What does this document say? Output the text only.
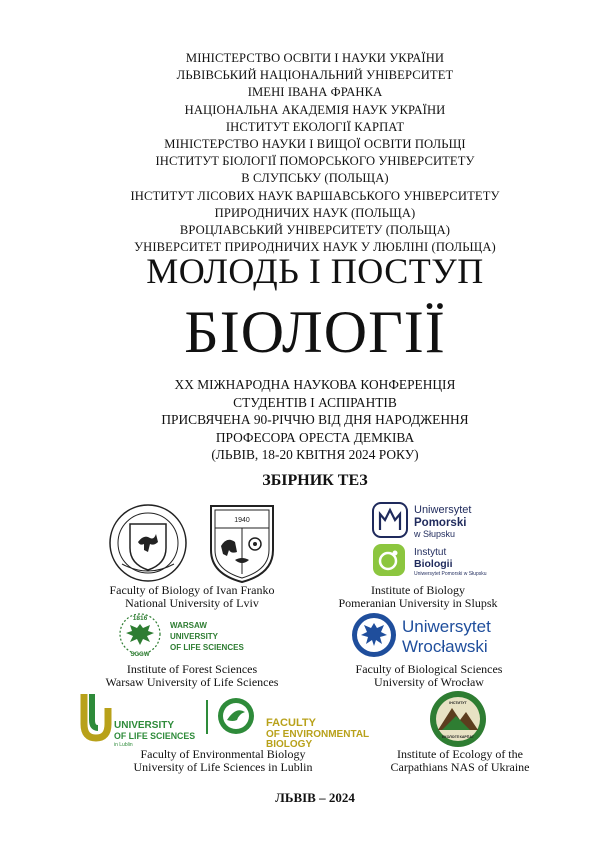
МІНІСТЕРСТВО ОСВІТИ І НАУКИ УКРАЇНИ
ЛЬВІВСЬКИЙ НАЦІОНАЛЬНИЙ УНІВЕРСИТЕТ
ІМЕНІ ІВАНА ФРАНКА
НАЦІОНАЛЬНА АКАДЕМІЯ НАУК УКРАЇНИ
ІНСТИТУТ ЕКОЛОГІЇ КАРПАТ
МІНІСТЕРСТВО НАУКИ І ВИЩОЇ ОСВІТИ ПОЛЬЩІ
ІНСТИТУТ БІОЛОГІЇ ПОМОРСЬКОГО УНІВЕРСИТЕТУ
В СЛУПСЬКУ (ПОЛЬЩА)
ІНСТИТУТ ЛІСОВИХ НАУК ВАРШАВСЬКОГО УНІВЕРСИТЕТУ
ПРИРОДНИЧИХ НАУК (ПОЛЬЩА)
ВРОЦЛАВСЬКИЙ УНІВЕРСИТЕТУ (ПОЛЬЩА)
УНІВЕРСИТЕТ ПРИРОДНИЧИХ НАУК У ЛЮБЛІНІ (ПОЛЬЩА)
МОЛОДЬ І ПОСТУП
БІОЛОГІЇ
XX МІЖНАРОДНА НАУКОВА КОНФЕРЕНЦІЯ
СТУДЕНТІВ І АСПІРАНТІВ
ПРИСВЯЧЕНА 90-РІЧЧЮ ВІД ДНЯ НАРОДЖЕННЯ
ПРОФЕСОРА ОРЕСТА ДЕМКІВА
(ЛЬВІВ, 18-20 КВІТНЯ 2024 РОКУ)
ЗБІРНИК ТЕЗ
1940
Faculty of Biology of Ivan Franko
National University of Lviv
Uniwersytet
Pomorski
w Słupsku
Instytut
Biologii
Uniwersytet Pomorski w Słupsku
Institute of Biology
Pomeranian University in Slupsk
1816
SGGW
WARSAW
UNIVERSITY
OF LIFE SCIENCES
Institute of Forest Sciences
Warsaw University of Life Sciences
Uniwersytet
Wrocławski
Faculty of Biological Sciences
University of Wrocław
UNIVERSITY
OF LIFE SCIENCES
in Lublin
FACULTY
OF ENVIRONMENTAL
BIOLOGY
Faculty of Environmental Biology
University of Life Sciences in Lublin
ІНСТИТУТ
ЕКОЛОГІЇ КАРПАТ
Institute of Ecology of the
Carpathians NAS of Ukraine
ЛЬВІВ – 2024
